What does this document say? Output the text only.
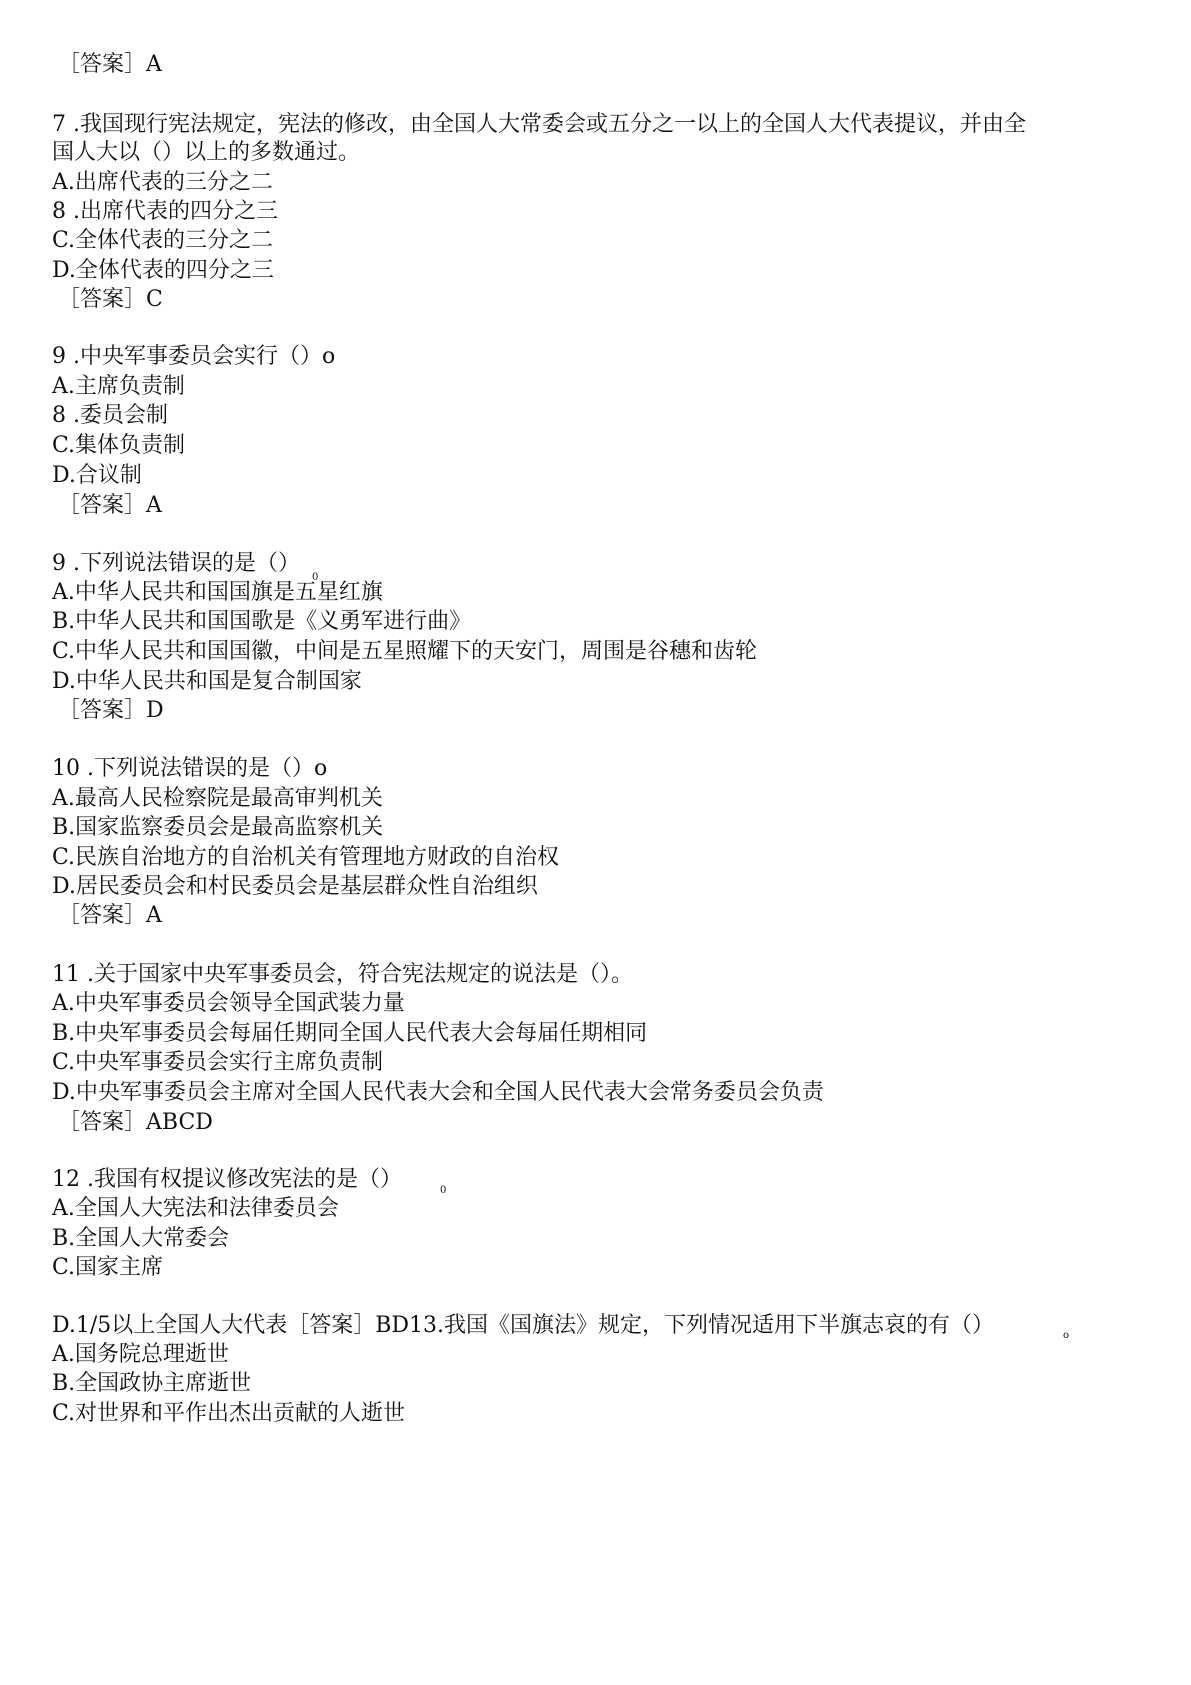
［答案］A
7 .我国现行宪法规定，宪法的修改，由全国人大常委会或五分之一以上的全国人大代表提议，并由全
国人大以（）以上的多数通过。
A.出席代表的三分之二
8 .出席代表的四分之三
C.全体代表的三分之二
D.全体代表的四分之三
［答案］C
9 .中央军事委员会实行（）o
A.主席负责制
8 .委员会制
C.集体负责制
D.合议制
［答案］A
9 .下列说法错误的是（）
0
A.中华人民共和国国旗是五星红旗
B.中华人民共和国国歌是《义勇军进行曲》
C.中华人民共和国国徽，中间是五星照耀下的天安门，周围是谷穗和齿轮
D.中华人民共和国是复合制国家
［答案］D
10 .下列说法错误的是（）o
A.最高人民检察院是最高审判机关
B.国家监察委员会是最高监察机关
C.民族自治地方的自治机关有管理地方财政的自治权
D.居民委员会和村民委员会是基层群众性自治组织
［答案］A
11 .关于国家中央军事委员会，符合宪法规定的说法是（）。
A.中央军事委员会领导全国武装力量
B.中央军事委员会每届任期同全国人民代表大会每届任期相同
C.中央军事委员会实行主席负责制
D.中央军事委员会主席对全国人民代表大会和全国人民代表大会常务委员会负责
［答案］ABCD
12 .我国有权提议修改宪法的是（）	0
A.全国人大宪法和法律委员会
B.全国人大常委会
C.国家主席
D.1/5以上全国人大代表［答案］BD13.我国《国旗法》规定，下列情况适用下半旗志哀的有（）	o
A.国务院总理逝世
B.全国政协主席逝世
C.对世界和平作出杰出贡献的人逝世
